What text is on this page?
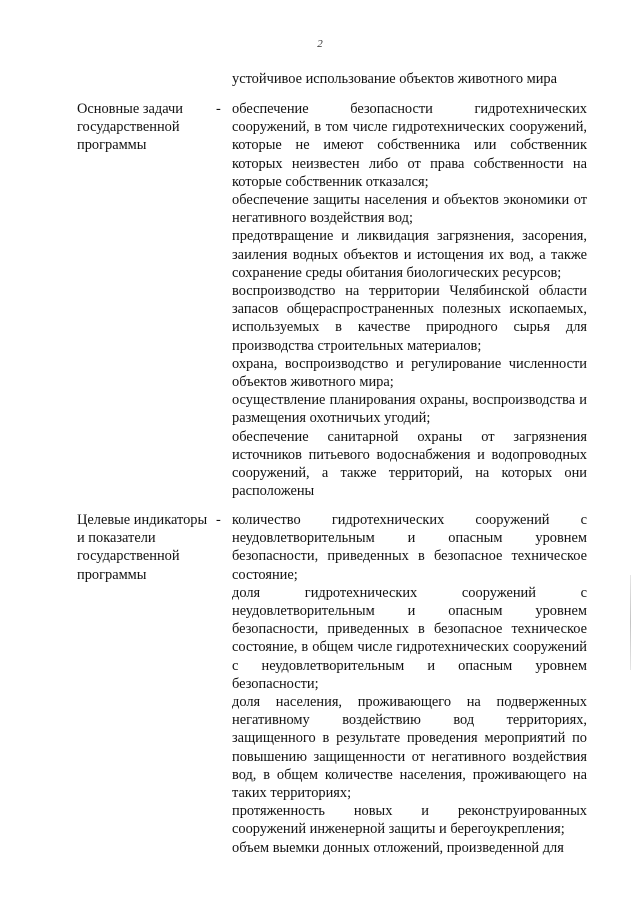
2
устойчивое использование объектов животного мира
Основные задачи государственной программы
- обеспечение безопасности гидротехнических сооружений, в том числе гидротехнических сооружений, которые не имеют собственника или собственник которых неизвестен либо от права собственности на которые собственник отказался;

обеспечение защиты населения и объектов экономики от негативного воздействия вод;

предотвращение и ликвидация загрязнения, засорения, заиления водных объектов и истощения их вод, а также сохранение среды обитания биологических ресурсов;

воспроизводство на территории Челябинской области запасов общераспространенных полезных ископаемых, используемых в качестве природного сырья для производства строительных материалов;

охрана, воспроизводство и регулирование численности объектов животного мира;

осуществление планирования охраны, воспроизводства и размещения охотничьих угодий;

обеспечение санитарной охраны от загрязнения источников питьевого водоснабжения и водопроводных сооружений, а также территорий, на которых они расположены

Целевые индикаторы и показатели государственной программы
- количество гидротехнических сооружений с неудовлетворительным и опасным уровнем безопасности, приведенных в безопасное техническое состояние;

доля гидротехнических сооружений с неудовлетворительным и опасным уровнем безопасности, приведенных в безопасное техническое состояние, в общем числе гидротехнических сооружений с неудовлетворительным и опасным уровнем безопасности;

доля населения, проживающего на подверженных негативному воздействию вод территориях, защищенного в результате проведения мероприятий по повышению защищенности от негативного воздействия вод, в общем количестве населения, проживающего на таких территориях;

протяженность новых и реконструированных сооружений инженерной защиты и берегоукрепления;

объем выемки донных отложений, произведенной для
